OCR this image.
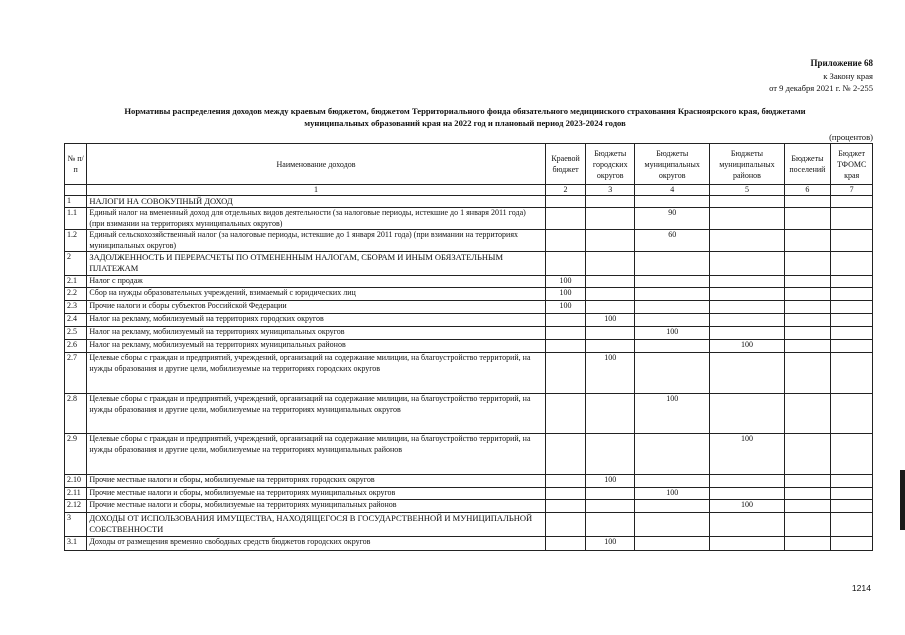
Приложение 68
к Закону края
от 9 декабря 2021 г. № 2-255
Нормативы распределения доходов между краевым бюджетом, бюджетом Территориального фонда обязательного медицинского страхования Красноярского края, бюджетами
муниципальных образований края на 2022 год и плановый период 2023-2024 годов
(процентов)
№ п/п	Наименование доходов	Краевой бюджет	Бюджеты городских округов	Бюджеты муниципальных округов	Бюджеты муниципальных районов	Бюджеты поселений	Бюджет ТФОМС края
	1	2	3	4	5	6	7
1	НАЛОГИ НА СОВОКУПНЫЙ ДОХОД						
1.1	Единый налог на вмененный доход для отдельных видов деятельности (за налоговые периоды, истекшие до 1 января 2011 года) (при взимании на территориях муниципальных округов)			90			
1.2	Единый сельскохозяйственный налог (за налоговые периоды, истекшие до 1 января 2011 года) (при взимании на территориях муниципальных округов)			60			
2	ЗАДОЛЖЕННОСТЬ И ПЕРЕРАСЧЕТЫ ПО ОТМЕНЕННЫМ НАЛОГАМ, СБОРАМ И ИНЫМ ОБЯЗАТЕЛЬНЫМ ПЛАТЕЖАМ						
2.1	Налог с продаж	100					
2.2	Сбор на нужды образовательных учреждений, взимаемый с юридических лиц	100					
2.3	Прочие налоги и сборы субъектов Российской Федерации	100					
2.4	Налог на рекламу, мобилизуемый на территориях городских округов		100				
2.5	Налог на рекламу, мобилизуемый на территориях муниципальных округов			100			
2.6	Налог на рекламу, мобилизуемый на территориях муниципальных районов				100		
2.7	Целевые сборы с граждан и предприятий, учреждений, организаций на содержание милиции, на благоустройство территорий, на нужды образования и другие цели, мобилизуемые на территориях городских округов		100				
2.8	Целевые сборы с граждан и предприятий, учреждений, организаций на содержание милиции, на благоустройство территорий, на нужды образования и другие цели, мобилизуемые на территориях муниципальных округов			100			
2.9	Целевые сборы с граждан и предприятий, учреждений, организаций на содержание милиции, на благоустройство территорий, на нужды образования и другие цели, мобилизуемые на территориях муниципальных районов				100		
2.10	Прочие местные налоги и сборы, мобилизуемые на территориях городских округов		100				
2.11	Прочие местные налоги и сборы, мобилизуемые на территориях муниципальных округов			100			
2.12	Прочие местные налоги и сборы, мобилизуемые на территориях муниципальных районов				100		
3	ДОХОДЫ ОТ ИСПОЛЬЗОВАНИЯ ИМУЩЕСТВА, НАХОДЯЩЕГОСЯ В ГОСУДАРСТВЕННОЙ И МУНИЦИПАЛЬНОЙ СОБСТВЕННОСТИ						
3.1	Доходы от размещения временно свободных средств бюджетов городских округов		100				
1214
